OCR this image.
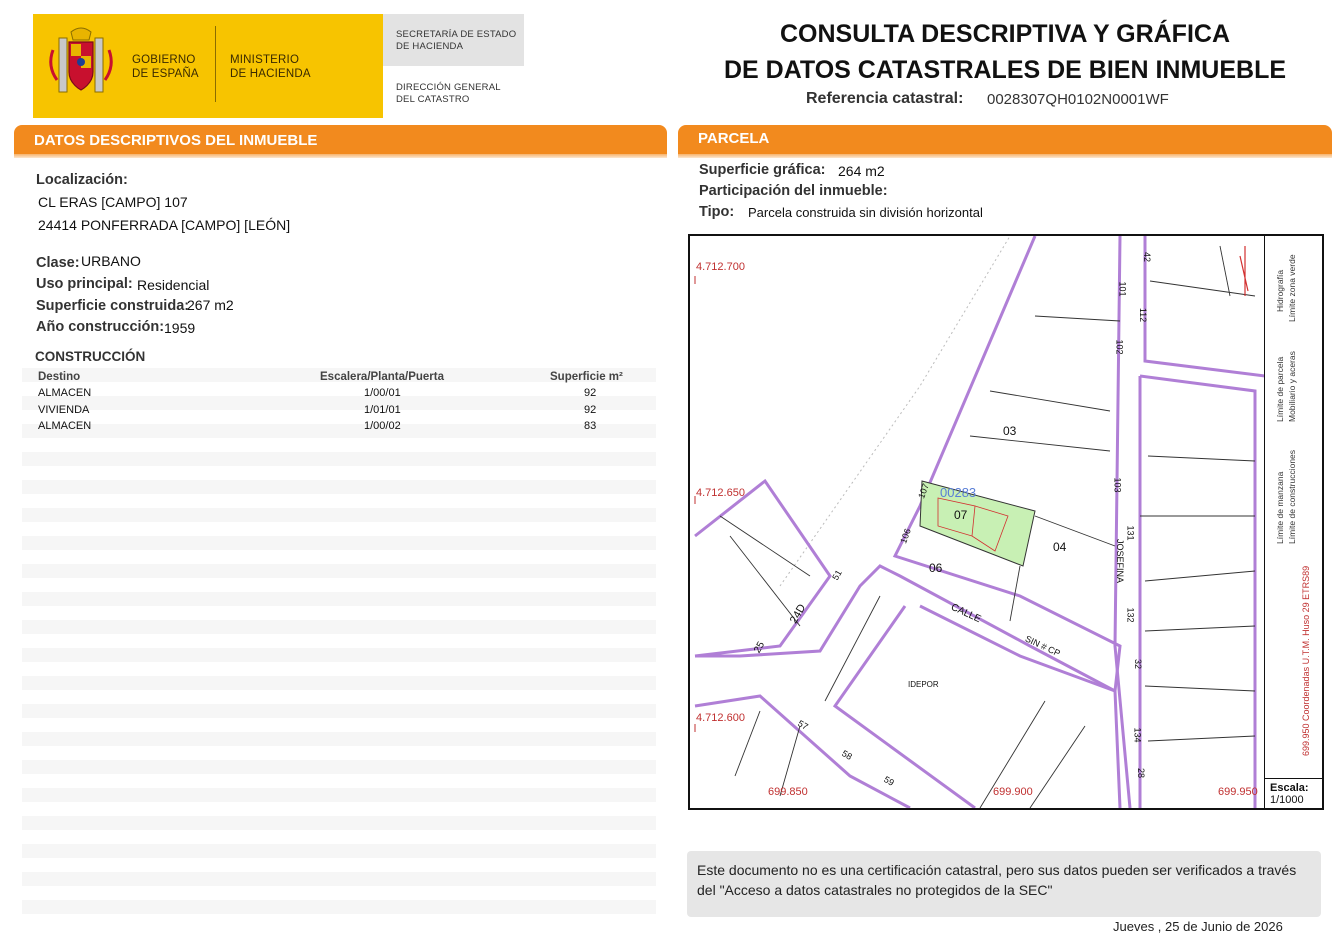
GOBIERNO
DE ESPAÑA
MINISTERIO
DE HACIENDA
SECRETARÍA DE ESTADO
DE HACIENDA
DIRECCIÓN GENERAL
DEL CATASTRO
CONSULTA DESCRIPTIVA Y GRÁFICA
DE DATOS CATASTRALES DE BIEN INMUEBLE
Referencia catastral: 0028307QH0102N0001WF
DATOS DESCRIPTIVOS DEL INMUEBLE
Localización:
CL ERAS [CAMPO] 107
24414 PONFERRADA [CAMPO] [LEÓN]
Clase: URBANO
Uso principal: Residencial
Superficie construida:
267 m2
Año construcción: 1959
CONSTRUCCIÓN
Destino	Escalera/Planta/Puerta	Superficie m²
ALMACEN	1/00/01	92
VIVIENDA	1/01/01	92
ALMACEN	1/00/02	83
PARCELA
Superficie gráfica: 264 m2
Participación del inmueble:
Tipo: Parcela construida sin división horizontal
4.712.700
4.712.650
4.712.600
699.850	699.900	699.950
00283
07
03
04
06
CALLE
SIN # CP
JOSEFINA
IDEPOR
24D
107
106
101
102
112
42
103
131
132
32
134
28
25
51
57
58
59
Límite de manzana
Límite de parcela
Hidrografía
Límite de construcciones
Mobiliario y aceras
Límite zona verde
699.950 Coordenadas U.T.M. Huso 29 ETRS89
Escala:
1/1000
Este documento no es una certificación catastral, pero sus datos pueden ser verificados a través del "Acceso a datos catastrales no protegidos de la SEC"
Jueves , 25 de Junio de 2026
